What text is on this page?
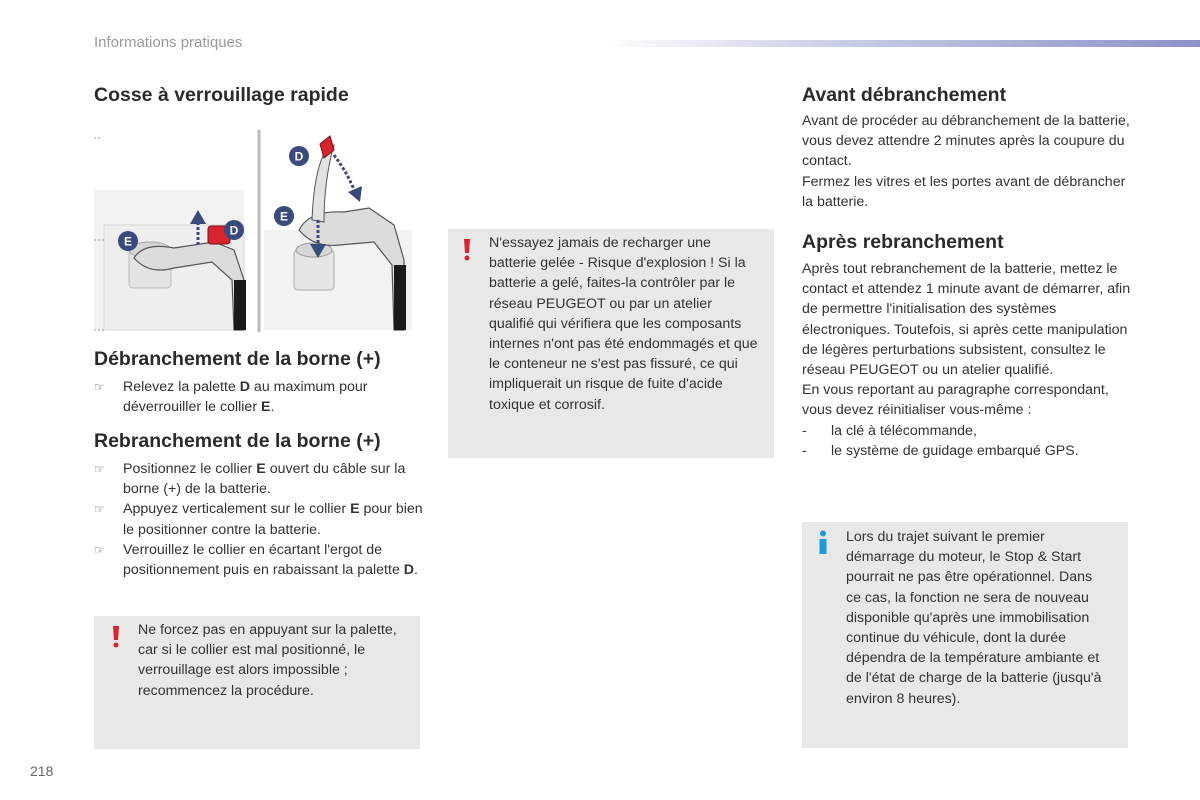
Informations pratiques
Cosse à verrouillage rapide
E
D
D
E
Débranchement de la borne (+)
☞ Relevez la palette D au maximum pour déverrouiller le collier E.
Rebranchement de la borne (+)
☞ Positionnez le collier E ouvert du câble sur la borne (+) de la batterie.
☞ Appuyez verticalement sur le collier E pour bien le positionner contre la batterie.
☞ Verrouillez le collier en écartant l'ergot de positionnement puis en rabaissant la palette D.
Ne forcez pas en appuyant sur la palette, car si le collier est mal positionné, le verrouillage est alors impossible ; recommencez la procédure.
N'essayez jamais de recharger une batterie gelée - Risque d'explosion ! Si la batterie a gelé, faites-la contrôler par le réseau PEUGEOT ou par un atelier qualifié qui vérifiera que les composants internes n'ont pas été endommagés et que le conteneur ne s'est pas fissuré, ce qui impliquerait un risque de fuite d'acide toxique et corrosif.
Avant débranchement

Avant de procéder au débranchement de la batterie, vous devez attendre 2 minutes après la coupure du contact.

Fermez les vitres et les portes avant de débrancher la batterie.

Après rebranchement

Après tout rebranchement de la batterie, mettez le contact et attendez 1 minute avant de démarrer, afin de permettre l'initialisation des systèmes électroniques. Toutefois, si après cette manipulation de légères perturbations subsistent, consultez le réseau PEUGEOT ou un atelier qualifié.

En vous reportant au paragraphe correspondant, vous devez réinitialiser vous-même :

- la clé à télécommande,
- le système de guidage embarqué GPS.
Lors du trajet suivant le premier démarrage du moteur, le Stop & Start pourrait ne pas être opérationnel. Dans ce cas, la fonction ne sera de nouveau disponible qu'après une immobilisation continue du véhicule, dont la durée dépendra de la température ambiante et de l'état de charge de la batterie (jusqu'à environ 8 heures).
218
